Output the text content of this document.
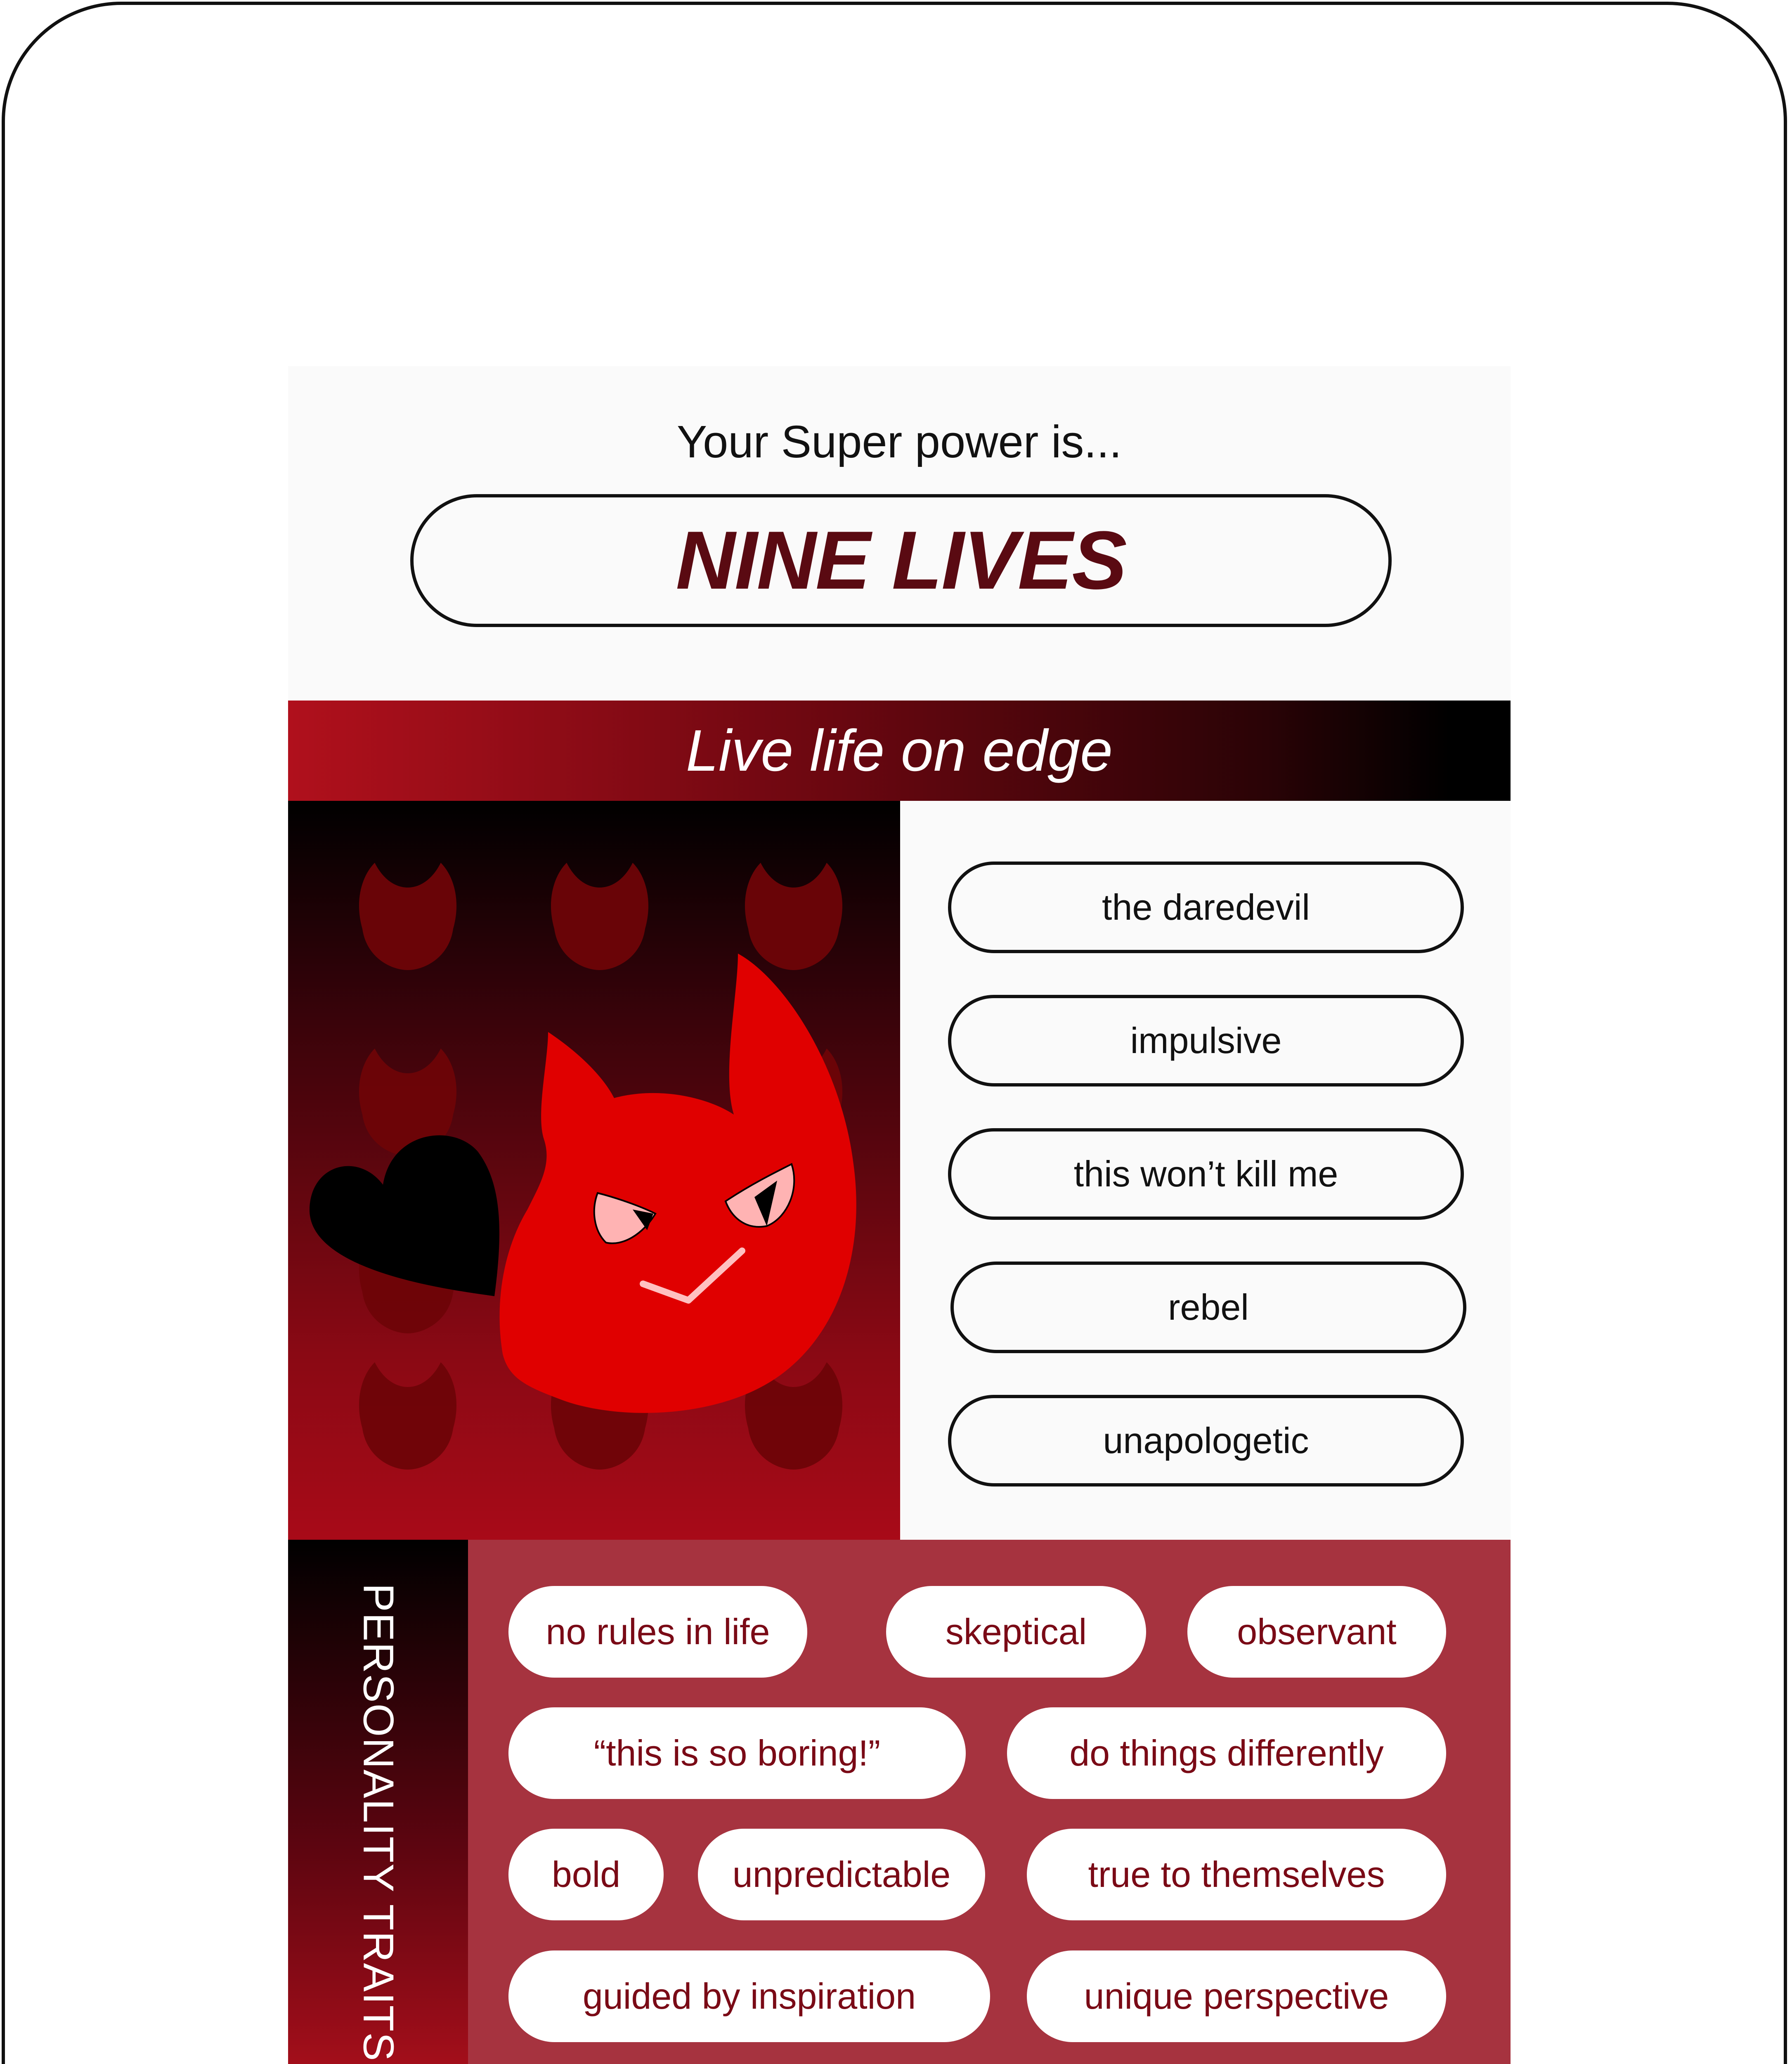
Your Super power is...
NINE LIVES
Live life on edge
the daredevil
impulsive
this won’t kill me
rebel
unapologetic
PERSONALITY TRAITS	no rules in life	skeptical	observant
“this is so boring!”	do things differently
bold	unpredictable	true to themselves
guided by inspiration	unique perspective
